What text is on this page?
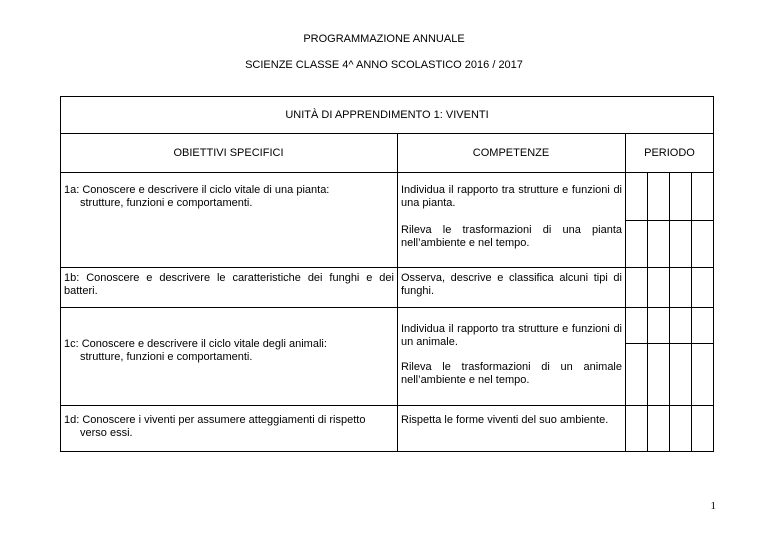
PROGRAMMAZIONE ANNUALE
SCIENZE CLASSE 4^ ANNO SCOLASTICO 2016 / 2017
UNITÀ DI APPRENDIMENTO 1: VIVENTI
OBIETTIVI SPECIFICI	COMPETENZE	PERIODO
1a: Conoscere e descrivere il ciclo vitale di una pianta:
strutture, funzioni e comportamenti.
Individua il rapporto tra strutture e funzioni di una pianta.
Rileva le trasformazioni di una pianta nell’ambiente e nel tempo.
1b: Conoscere e descrivere le caratteristiche dei funghi e dei batteri.
Osserva, descrive e classifica alcuni tipi di funghi.
1c: Conoscere e descrivere il ciclo vitale degli animali:
strutture, funzioni e comportamenti.
Individua il rapporto tra strutture e funzioni di un animale.
Rileva le trasformazioni di un animale nell’ambiente e nel tempo.
1d: Conoscere i viventi per assumere atteggiamenti di rispetto
verso essi.
Rispetta le forme viventi del suo ambiente.
1
